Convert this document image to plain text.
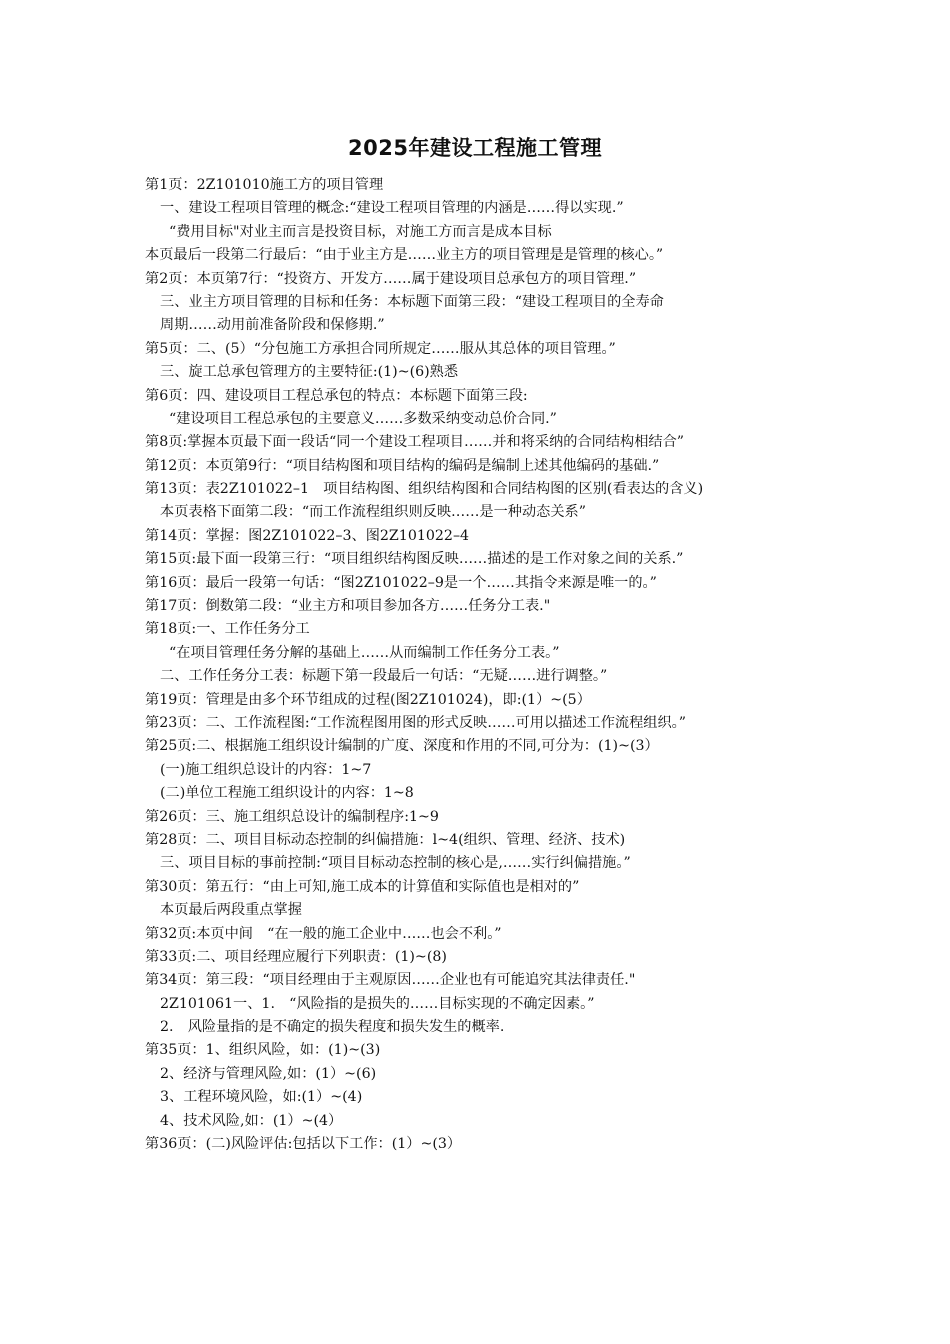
2025年建设工程施工管理
第1页：2Z101010施工方的项目管理
一、建设工程项目管理的概念:“建设工程项目管理的内涵是……得以实现.”
“费用目标"对业主而言是投资目标，对施工方而言是成本目标
本页最后一段第二行最后：“由于业主方是……业主方的项目管理是是管理的核心。”
第2页：本页第7行：“投资方、开发方……属于建设项目总承包方的项目管理.”
三、业主方项目管理的目标和任务：本标题下面第三段：“建设工程项目的全寿命
周期……动用前准备阶段和保修期.”
第5页：二、(5）“分包施工方承担合同所规定……服从其总体的项目管理。”
三、旋工总承包管理方的主要特征:(1)~(6)熟悉
第6页：四、建设项目工程总承包的特点：本标题下面第三段:
“建设项目工程总承包的主要意义……多数采纳变动总价合同.”
第8页:掌握本页最下面一段话“同一个建设工程项目……并和将采纳的合同结构相结合”
第12页：本页第9行：“项目结构图和项目结构的编码是编制上述其他编码的基础.”
第13页：表2Z101022–1　项目结构图、组织结构图和合同结构图的区别(看表达的含义)
本页表格下面第二段：“而工作流程组织则反映……是一种动态关系”
第14页：掌握：图2Z101022–3、图2Z101022–4
第15页:最下面一段第三行：“项目组织结构图反映……描述的是工作对象之间的关系.”
第16页：最后一段第一句话：“图2Z101022–9是一个……其指令来源是唯一的。”
第17页：倒数第二段：“业主方和项目参加各方……任务分工表."
第18页:一、工作任务分工
“在项目管理任务分解的基础上……从而编制工作任务分工表。”
二、工作任务分工表：标题下第一段最后一句话：“无疑……进行调整。”
第19页：管理是由多个环节组成的过程(图2Z101024)，即:(1）~(5）
第23页：二、工作流程图:“工作流程图用图的形式反映……可用以描述工作流程组织。”
第25页:二、根据施工组织设计编制的广度、深度和作用的不同,可分为：(1)~(3）
(一)施工组织总设计的内容：1~7
(二)单位工程施工组织设计的内容：1~8
第26页：三、施工组织总设计的编制程序:1~9
第28页：二、项目目标动态控制的纠偏措施：l~4(组织、管理、经济、技术)
三、项目目标的事前控制:“项目目标动态控制的核心是,……实行纠偏措施。”
第30页：第五行：“由上可知,施工成本的计算值和实际值也是相对的”
本页最后两段重点掌握
第32页:本页中间　“在一般的施工企业中……也会不利。”
第33页:二、项目经理应履行下列职责：(1)~(8)
第34页：第三段：“项目经理由于主观原因……企业也有可能追究其法律责任."
2Z101061一、1.　“风险指的是损失的……目标实现的不确定因素。”
2.　风险量指的是不确定的损失程度和损失发生的概率.
第35页：1、组织风险，如：(1)~(3)
2、经济与管理风险,如：(1）~(6)
3、工程环境风险，如:(1）~(4)
4、技术风险,如：(1）~(4）
第36页：(二)风险评估:包括以下工作：(1）~(3）
